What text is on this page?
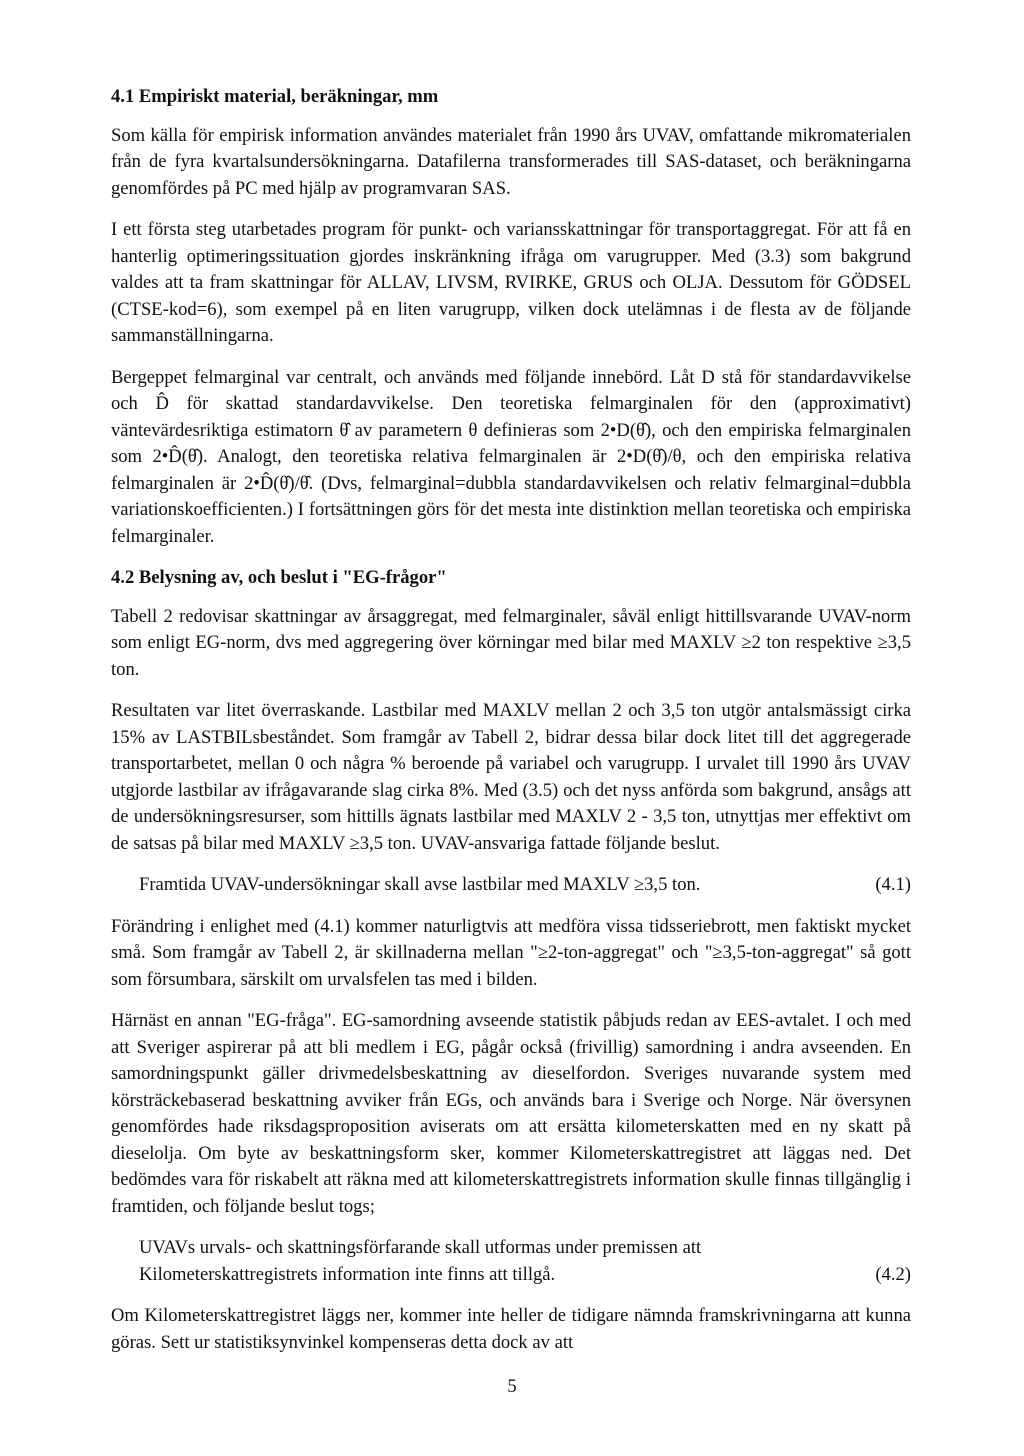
4.1 Empiriskt material, beräkningar, mm

Som källa för empirisk information användes materialet från 1990 års UVAV, omfattande mikromaterialen från de fyra kvartalsundersökningarna. Datafilerna transformerades till SAS-dataset, och beräkningarna genomfördes på PC med hjälp av programvaran SAS.

I ett första steg utarbetades program för punkt- och variansskattningar för transportaggregat. För att få en hanterlig optimeringssituation gjordes inskränkning ifråga om varugrupper. Med (3.3) som bakgrund valdes att ta fram skattningar för ALLAV, LIVSM, RVIRKE, GRUS och OLJA. Dessutom för GÖDSEL (CTSE-kod=6), som exempel på en liten varugrupp, vilken dock utelämnas i de flesta av de följande sammanställningarna.

Bergeppet felmarginal var centralt, och används med följande innebörd. Låt D stå för standardavvikelse och D̂ för skattad standardavvikelse. Den teoretiska felmarginalen för den (approximativt) väntevärdesriktiga estimatorn θ̂ av parametern θ definieras som 2•D(θ̂), och den empiriska felmarginalen som 2•D̂(θ̂). Analogt, den teoretiska relativa felmarginalen är 2•D(θ̂)/θ, och den empiriska relativa felmarginalen är 2•D̂(θ̂)/θ̂. (Dvs, felmarginal=dubbla standardavvikelsen och relativ felmarginal=dubbla variationskoefficienten.) I fortsättningen görs för det mesta inte distinktion mellan teoretiska och empiriska felmarginaler.

4.2 Belysning av, och beslut i "EG-frågor"

Tabell 2 redovisar skattningar av årsaggregat, med felmarginaler, såväl enligt hittillsvarande UVAV-norm som enligt EG-norm, dvs med aggregering över körningar med bilar med MAXLV ≥2 ton respektive ≥3,5 ton.

Resultaten var litet överraskande. Lastbilar med MAXLV mellan 2 och 3,5 ton utgör antalsmässigt cirka 15% av LASTBILsbeståndet. Som framgår av Tabell 2, bidrar dessa bilar dock litet till det aggregerade transportarbetet, mellan 0 och några % beroende på variabel och varugrupp. I urvalet till 1990 års UVAV utgjorde lastbilar av ifrågavarande slag cirka 8%. Med (3.5) och det nyss anförda som bakgrund, ansågs att de undersökningsresurser, som hittills ägnats lastbilar med MAXLV 2 - 3,5 ton, utnyttjas mer effektivt om de satsas på bilar med MAXLV ≥3,5 ton. UVAV-ansvariga fattade följande beslut.

Framtida UVAV-undersökningar skall avse lastbilar med MAXLV ≥3,5 ton.	(4.1)

Förändring i enlighet med (4.1) kommer naturligtvis att medföra vissa tidsseriebrott, men faktiskt mycket små. Som framgår av Tabell 2, är skillnaderna mellan "≥2-ton-aggregat" och "≥3,5-ton-aggregat" så gott som försumbara, särskilt om urvalsfelen tas med i bilden.

Härnäst en annan "EG-fråga". EG-samordning avseende statistik påbjuds redan av EES-avtalet. I och med att Sveriger aspirerar på att bli medlem i EG, pågår också (frivillig) samordning i andra avseenden. En samordningspunkt gäller drivmedelsbeskattning av dieselfordon. Sveriges nuvarande system med körsträckebaserad beskattning avviker från EGs, och används bara i Sverige och Norge. När översynen genomfördes hade riksdagsproposition aviserats om att ersätta kilometerskatten med en ny skatt på dieselolja. Om byte av beskattningsform sker, kommer Kilometerskattregistret att läggas ned. Det bedömdes vara för riskabelt att räkna med att kilometerskattregistrets information skulle finnas tillgänglig i framtiden, och följande beslut togs;

UVAVs urvals- och skattningsförfarande skall utformas under premissen att
Kilometerskattregistrets information inte finns att tillgå.	(4.2)

Om Kilometerskattregistret läggs ner, kommer inte heller de tidigare nämnda framskrivningarna att kunna göras. Sett ur statistiksynvinkel kompenseras detta dock av att

5
